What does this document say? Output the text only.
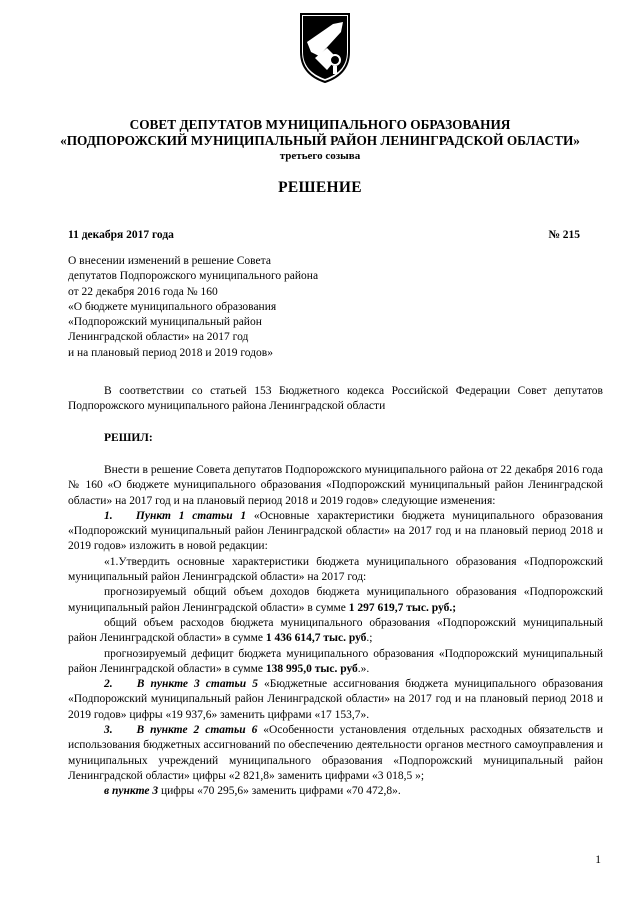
СОВЕТ ДЕПУТАТОВ МУНИЦИПАЛЬНОГО ОБРАЗОВАНИЯ
«ПОДПОРОЖСКИЙ МУНИЦИПАЛЬНЫЙ РАЙОН ЛЕНИНГРАДСКОЙ ОБЛАСТИ»
третьего созыва
РЕШЕНИЕ
11 декабря 2017 года	№ 215
О внесении изменений в решение Совета
депутатов Подпорожского муниципального района
от 22 декабря 2016 года № 160
«О бюджете муниципального образования
«Подпорожский муниципальный район
Ленинградской области» на 2017 год
и на плановый период 2018 и 2019 годов»

В соответствии со статьей 153 Бюджетного кодекса Российской Федерации Совет депутатов Подпорожского муниципального района Ленинградской области

РЕШИЛ:

Внести в решение Совета депутатов Подпорожского муниципального района от 22 декабря 2016 года № 160 «О бюджете муниципального образования «Подпорожский муниципальный район Ленинградской области» на 2017 год и на плановый период 2018 и 2019 годов» следующие изменения:

1. Пункт 1 статьи 1 «Основные характеристики бюджета муниципального образования «Подпорожский муниципальный район Ленинградской области» на 2017 год и на плановый период 2018 и 2019 годов» изложить в новой редакции:

«1.Утвердить основные характеристики бюджета муниципального образования «Подпорожский муниципальный район Ленинградской области» на 2017 год:

прогнозируемый общий объем доходов бюджета муниципального образования «Подпорожский муниципальный район Ленинградской области» в сумме 1 297 619,7 тыс. руб.;

общий объем расходов бюджета муниципального образования «Подпорожский муниципальный район Ленинградской области» в сумме 1 436 614,7 тыс. руб.;

прогнозируемый дефицит бюджета муниципального образования «Подпорожский муниципальный район Ленинградской области» в сумме 138 995,0 тыс. руб.».

2. В пункте 3 статьи 5 «Бюджетные ассигнования бюджета муниципального образования «Подпорожский муниципальный район Ленинградской области» на 2017 год и на плановый период 2018 и 2019 годов» цифры «19 937,6» заменить цифрами «17 153,7».

3. В пункте 2 статьи 6 «Особенности установления отдельных расходных обязательств и использования бюджетных ассигнований по обеспечению деятельности органов местного самоуправления и муниципальных учреждений муниципального образования «Подпорожский муниципальный район Ленинградской области» цифры «2 821,8» заменить цифрами «3 018,5 »;

в пункте 3 цифры «70 295,6» заменить цифрами «70 472,8».

1
